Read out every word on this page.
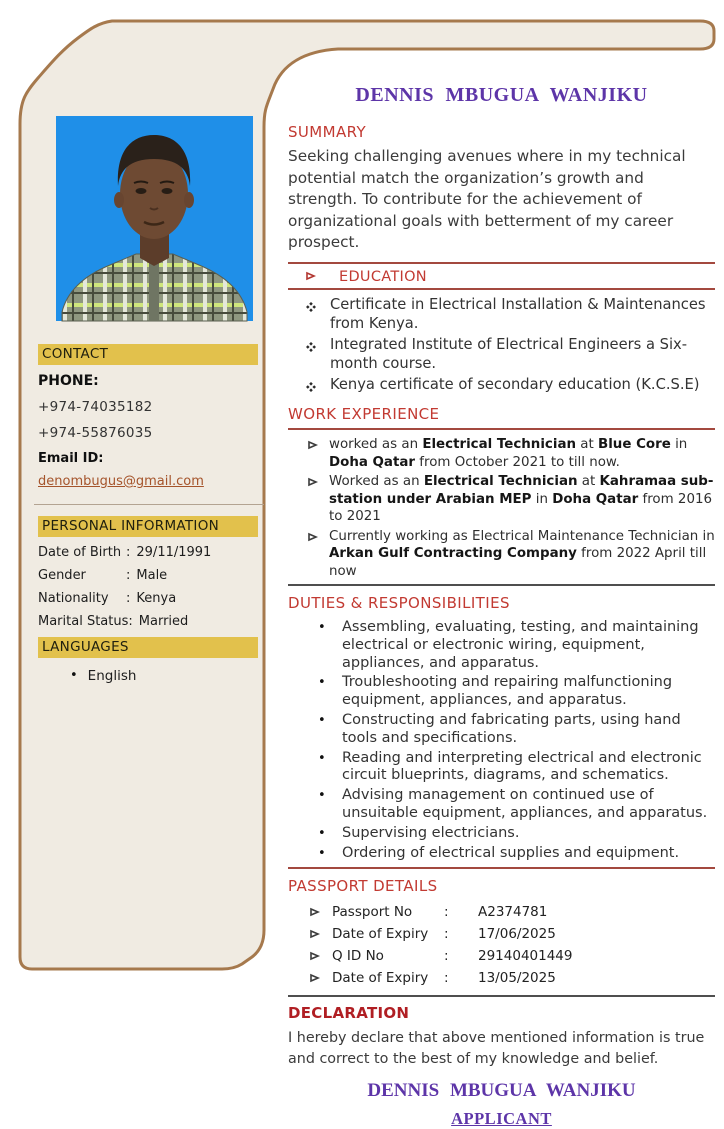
CONTACT
PHONE:
+974-74035182
+974-55876035
Email ID:
denombugus@gmail.com
PERSONAL INFORMATION
Date of Birth : 29/11/1991
Gender	: Male
Nationality	: Kenya
Marital Status : Married
LANGUAGES
• English
DENNIS MBUGUA WANJIKU
SUMMARY

Seeking challenging avenues where in my technical potential match the organization’s growth and strength. To contribute for the achievement of organizational goals with betterment of my career prospect.

EDUCATION
Certificate in Electrical Installation & Maintenances from Kenya.
Integrated Institute of Electrical Engineers a Six-month course.
Kenya certificate of secondary education (K.C.S.E)
WORK EXPERIENCE
worked as an Electrical Technician at Blue Core in Doha Qatar from October 2021 to till now.
Worked as an Electrical Technician at Kahramaa sub- station under Arabian MEP in Doha Qatar from 2016 to 2021
Currently working as Electrical Maintenance Technician in Arkan Gulf Contracting Company from 2022 April till now
DUTIES & RESPONSIBILITIES
• Assembling, evaluating, testing, and maintaining electrical or electronic wiring, equipment, appliances, and apparatus.
• Troubleshooting and repairing malfunctioning equipment, appliances, and apparatus.
• Constructing and fabricating parts, using hand tools and specifications.
• Reading and interpreting electrical and electronic circuit blueprints, diagrams, and schematics.
• Advising management on continued use of unsuitable equipment, appliances, and apparatus.
• Supervising electricians.
• Ordering of electrical supplies and equipment.
PASSPORT DETAILS
Passport No	:	A2374781
Date of Expiry	:	17/06/2025
Q ID No	:	29140401449
Date of Expiry	:	13/05/2025
DECLARATION

I hereby declare that above mentioned information is true and correct to the best of my knowledge and belief.

DENNIS MBUGUA WANJIKU
APPLICANT
